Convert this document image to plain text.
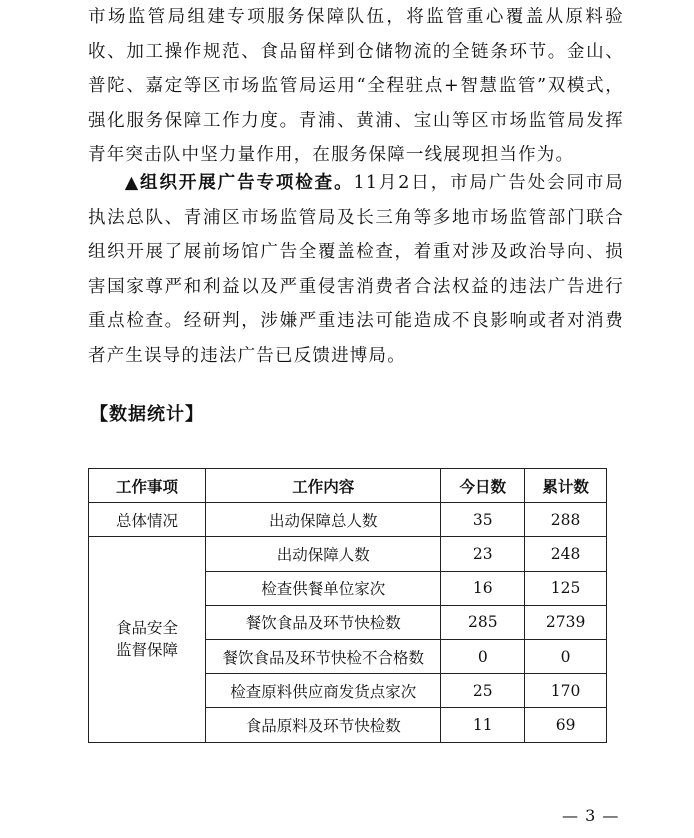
市场监管局组建专项服务保障队伍，将监管重心覆盖从原料验收、加工操作规范、食品留样到仓储物流的全链条环节。金山、普陀、嘉定等区市场监管局运用“全程驻点+智慧监管”双模式，强化服务保障工作力度。青浦、黄浦、宝山等区市场监管局发挥青年突击队中坚力量作用，在服务保障一线展现担当作为。
▲组织开展广告专项检查。11月2日，市局广告处会同市局执法总队、青浦区市场监管局及长三角等多地市场监管部门联合组织开展了展前场馆广告全覆盖检查，着重对涉及政治导向、损害国家尊严和利益以及严重侵害消费者合法权益的违法广告进行重点检查。经研判，涉嫌严重违法可能造成不良影响或者对消费者产生误导的违法广告已反馈进博局。
【数据统计】
工作事项	工作内容	今日数	累计数
总体情况	出动保障总人数	35	288
食品安全
监督保障	出动保障人数	23	248
	检查供餐单位家次	16	125
	餐饮食品及环节快检数	285	2739
	餐饮食品及环节快检不合格数	0	0
	检查原料供应商发货点家次	25	170
	食品原料及环节快检数	11	69
— 3 —
